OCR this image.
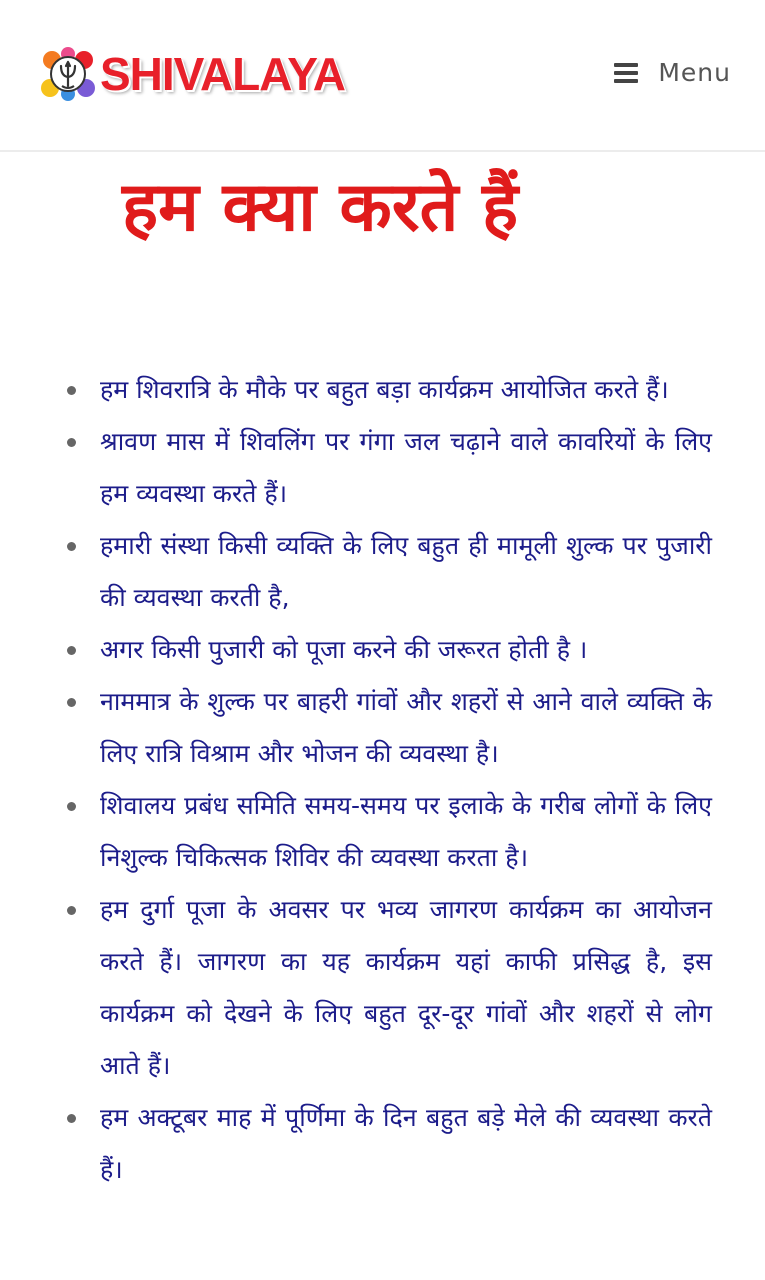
SHIVALAYA	Menu
हम क्या करते हैं
हम शिवरात्रि के मौके पर बहुत बड़ा कार्यक्रम आयोजित करते हैं।
श्रावण मास में शिवलिंग पर गंगा जल चढ़ाने वाले कावरियों के लिए हम व्यवस्था करते हैं।
हमारी संस्था किसी व्यक्ति के लिए बहुत ही मामूली शुल्क पर पुजारी की व्यवस्था करती है,
अगर किसी पुजारी को पूजा करने की जरूरत होती है ।
नाममात्र के शुल्क पर बाहरी गांवों और शहरों से आने वाले व्यक्ति के लिए रात्रि विश्राम और भोजन की व्यवस्था है।
शिवालय प्रबंध समिति समय-समय पर इलाके के गरीब लोगों के लिए निशुल्क चिकित्सक शिविर की व्यवस्था करता है।
हम दुर्गा पूजा के अवसर पर भव्य जागरण कार्यक्रम का आयोजन करते हैं। जागरण का यह कार्यक्रम यहां काफी प्रसिद्ध है, इस कार्यक्रम को देखने के लिए बहुत दूर-दूर गांवों और शहरों से लोग आते हैं।
हम अक्टूबर माह में पूर्णिमा के दिन बहुत बड़े मेले की व्यवस्था करते हैं।
